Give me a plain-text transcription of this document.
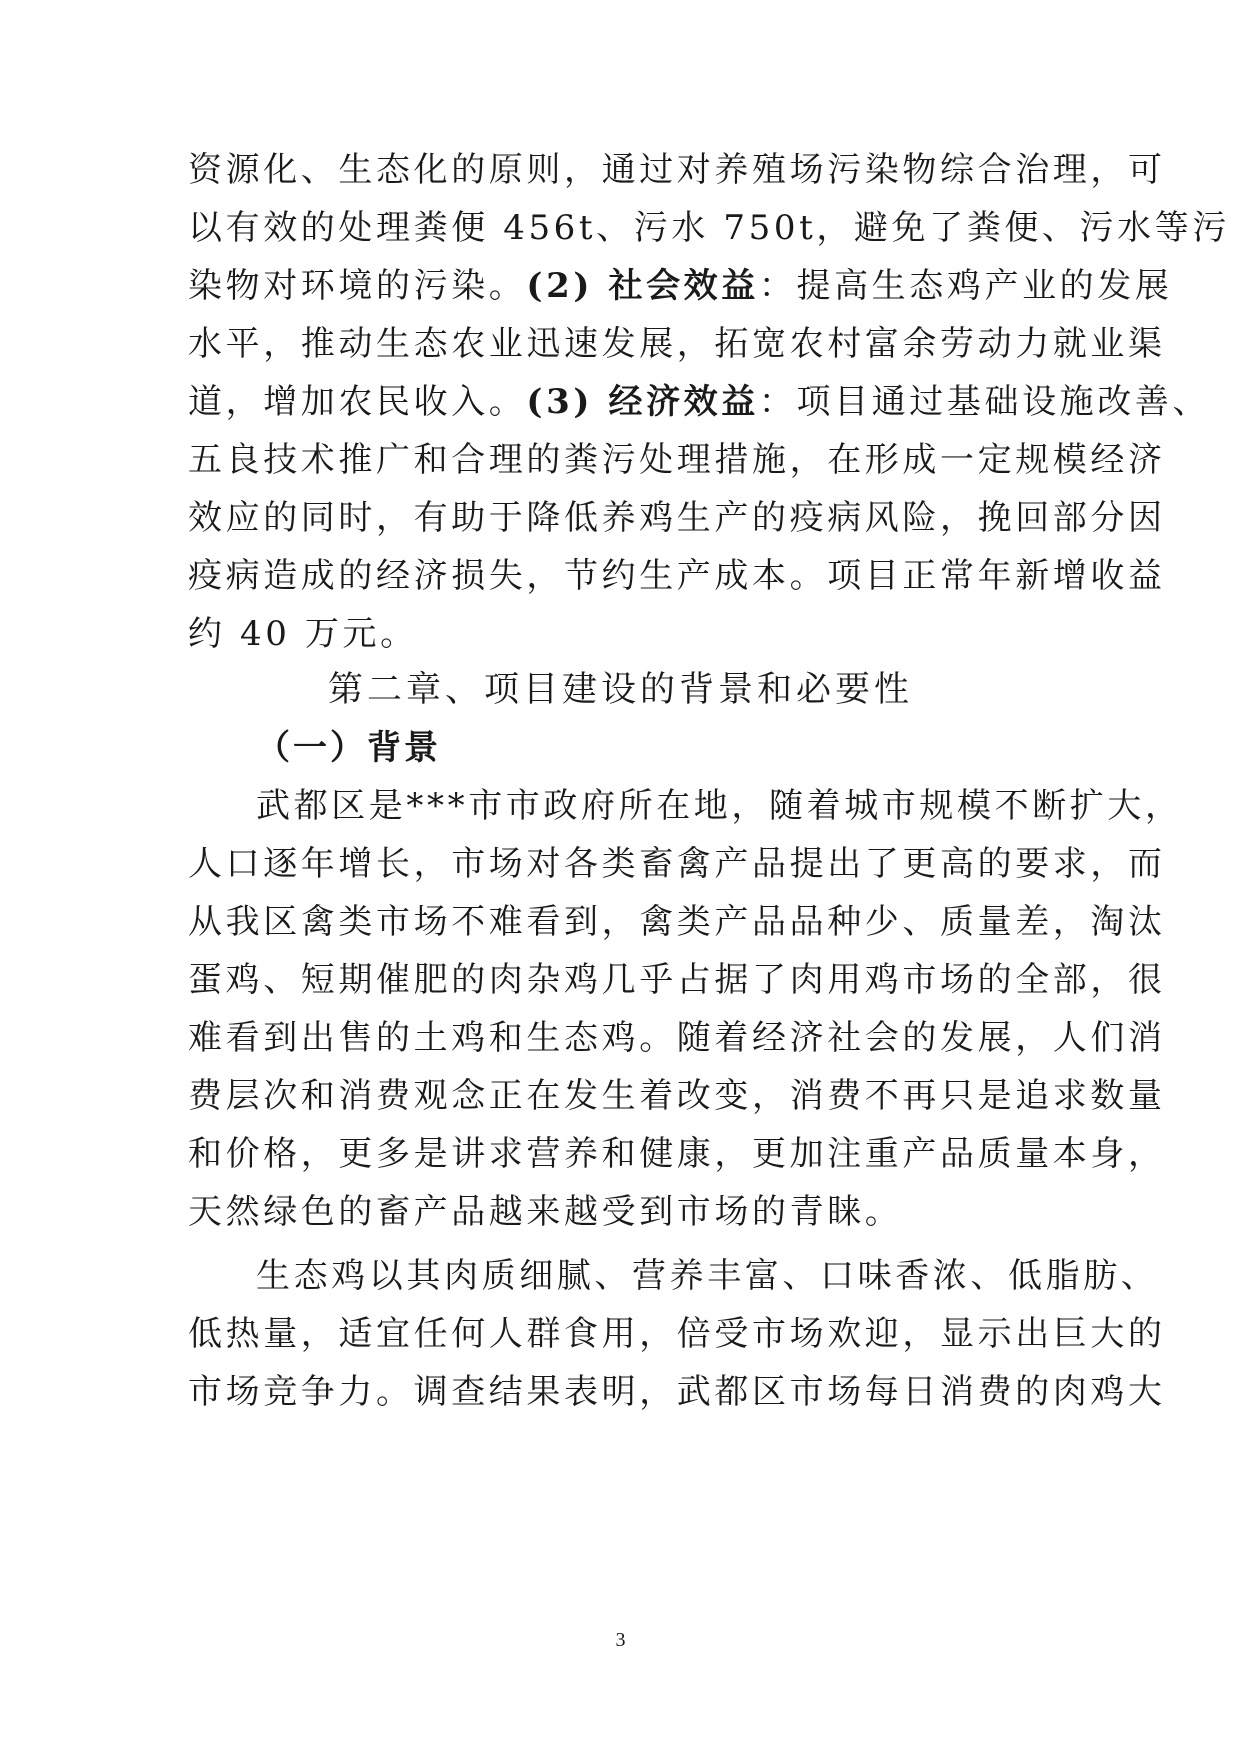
资源化、生态化的原则，通过对养殖场污染物综合治理，可
以有效的处理粪便 456t、污水 750t，避免了粪便、污水等污
染物对环境的污染。(2) 社会效益：提高生态鸡产业的发展
水平，推动生态农业迅速发展，拓宽农村富余劳动力就业渠
道，增加农民收入。(3) 经济效益：项目通过基础设施改善、
五良技术推广和合理的粪污处理措施，在形成一定规模经济
效应的同时，有助于降低养鸡生产的疫病风险，挽回部分因
疫病造成的经济损失，节约生产成本。项目正常年新增收益
约 40 万元。
第二章、项目建设的背景和必要性
（一）背景
武都区是***市市政府所在地，随着城市规模不断扩大，
人口逐年增长，市场对各类畜禽产品提出了更高的要求，而
从我区禽类市场不难看到，禽类产品品种少、质量差，淘汰
蛋鸡、短期催肥的肉杂鸡几乎占据了肉用鸡市场的全部，很
难看到出售的土鸡和生态鸡。随着经济社会的发展，人们消
费层次和消费观念正在发生着改变，消费不再只是追求数量
和价格，更多是讲求营养和健康，更加注重产品质量本身，
天然绿色的畜产品越来越受到市场的青睐。
生态鸡以其肉质细腻、营养丰富、口味香浓、低脂肪、
低热量，适宜任何人群食用，倍受市场欢迎，显示出巨大的
市场竞争力。调查结果表明，武都区市场每日消费的肉鸡大
3
